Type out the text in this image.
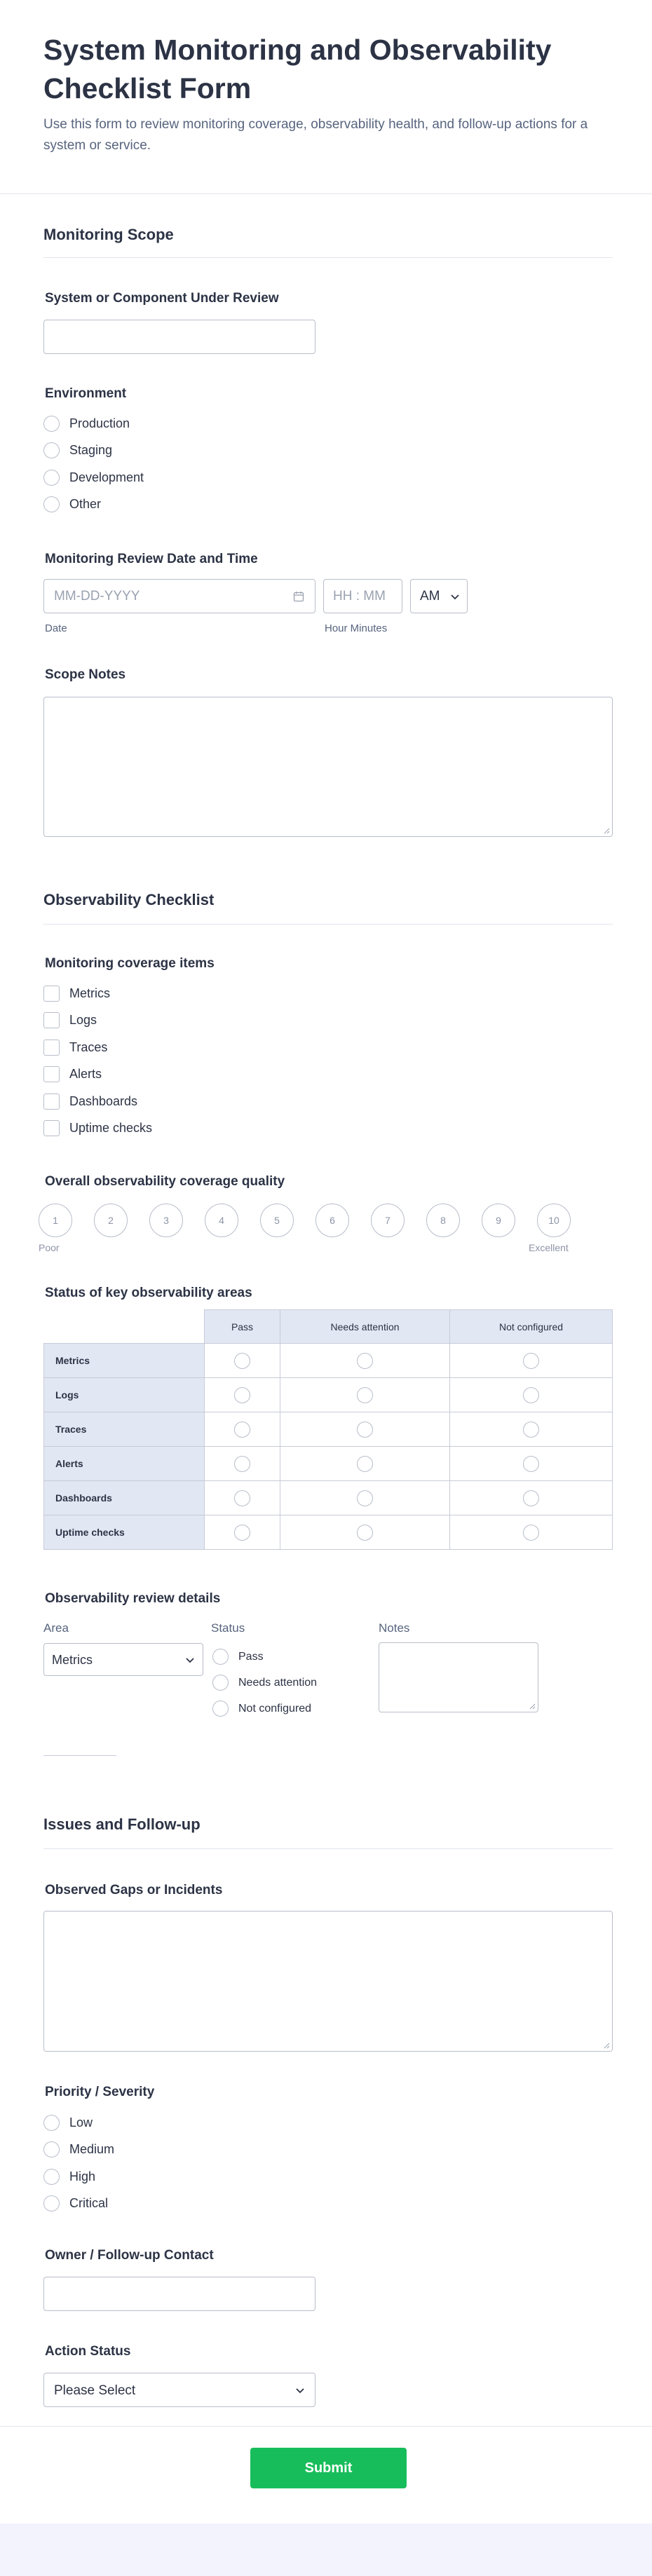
System Monitoring and Observability Checklist Form
Use this form to review monitoring coverage, observability health, and follow-up actions for a system or service.
Monitoring Scope
System or Component Under Review
Environment
Production
Staging
Development
Other
Monitoring Review Date and Time
MM-DD-YYYY	HH : MM	AM
Date	Hour Minutes
Scope Notes
Observability Checklist
Monitoring coverage items
Metrics
Logs
Traces
Alerts
Dashboards
Uptime checks
Overall observability coverage quality
1	2	3	4	5	6	7	8	9	10
Poor	Excellent
Status of key observability areas
	Pass	Needs attention	Not configured
Metrics			
Logs			
Traces			
Alerts			
Dashboards			
Uptime checks			
Observability review details
Area	Status	Notes
Metrics	Pass
Needs attention
Not configured
Issues and Follow-up
Observed Gaps or Incidents
Priority / Severity
Low
Medium
High
Critical
Owner / Follow-up Contact
Action Status
Please Select
Submit
